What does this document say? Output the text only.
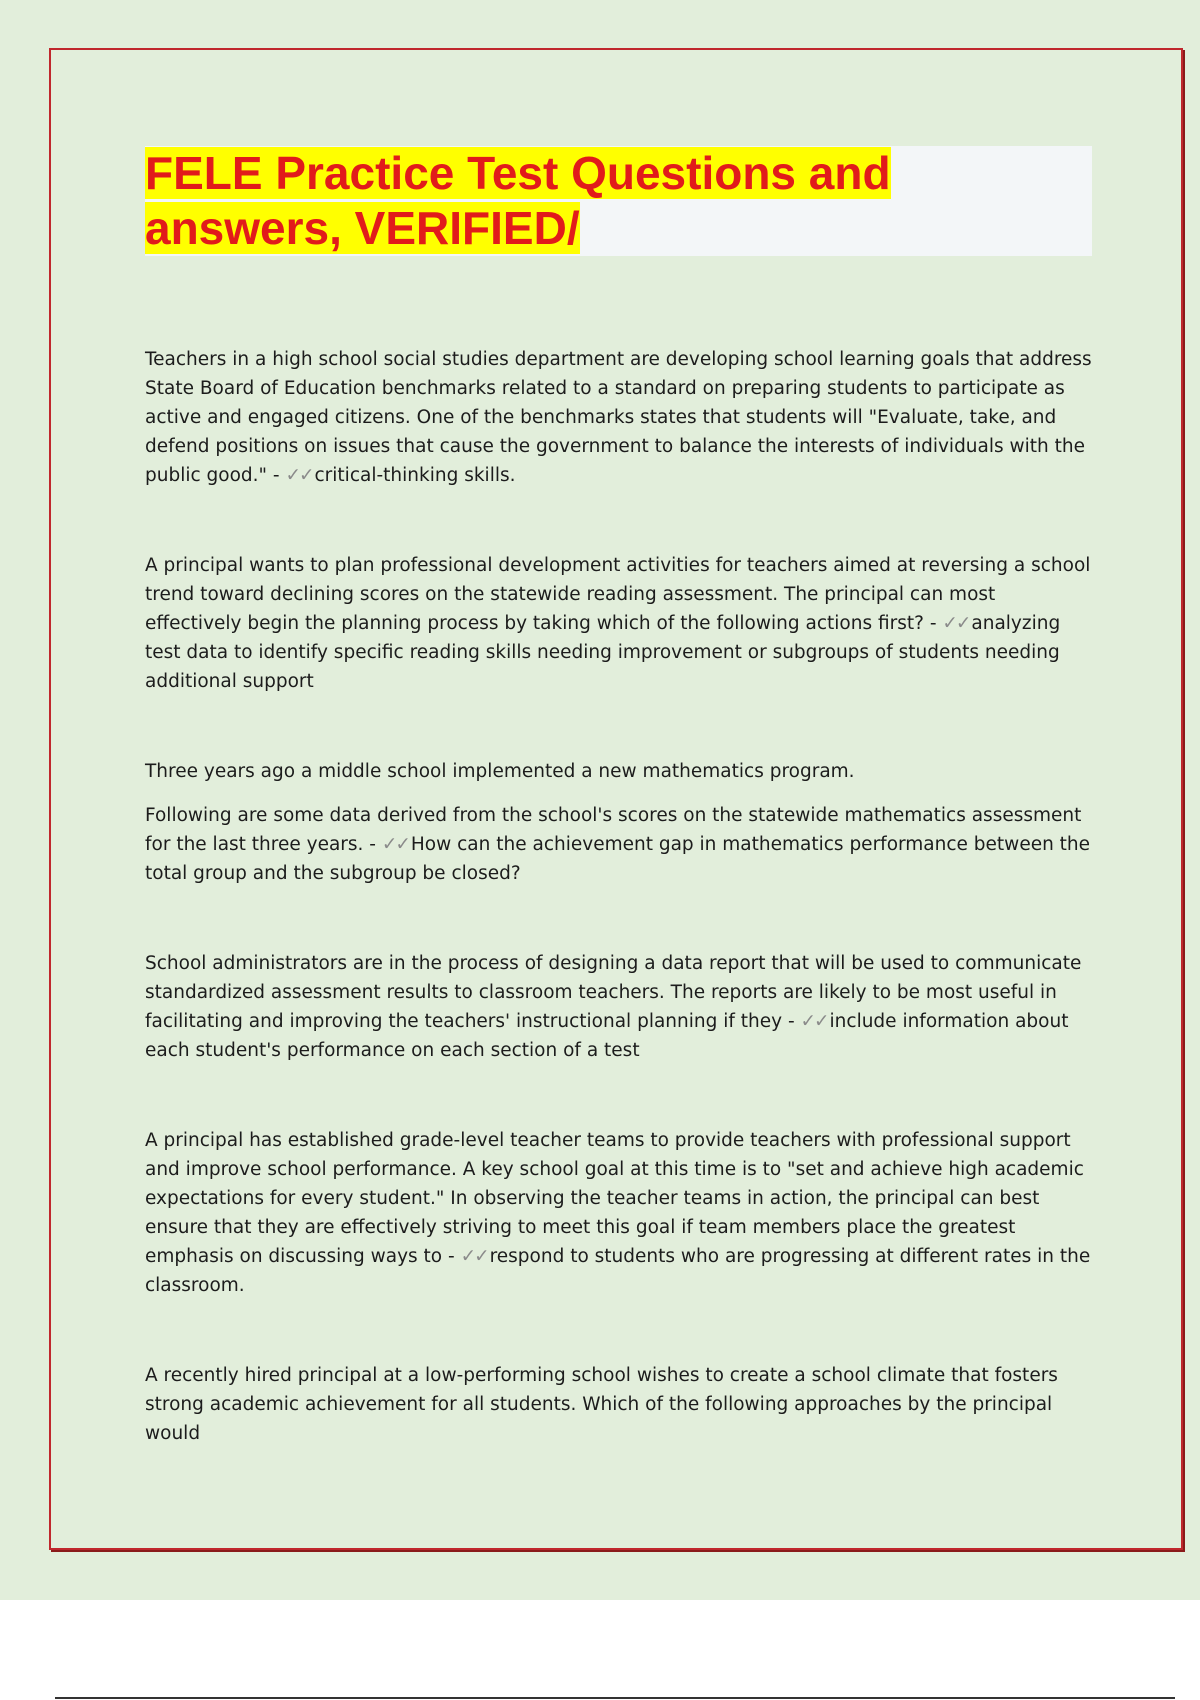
FELE Practice Test Questions and
answers, VERIFIED/

Teachers in a high school social studies department are developing school learning goals that address State Board of Education benchmarks related to a standard on preparing students to participate as active and engaged citizens. One of the benchmarks states that students will "Evaluate, take, and defend positions on issues that cause the government to balance the interests of individuals with the public good." - ✓✓ critical-thinking skills.

A principal wants to plan professional development activities for teachers aimed at reversing a school trend toward declining scores on the statewide reading assessment. The principal can most effectively begin the planning process by taking which of the following actions first? - ✓✓ analyzing test data to identify specific reading skills needing improvement or subgroups of students needing additional support

Three years ago a middle school implemented a new mathematics program.

Following are some data derived from the school's scores on the statewide mathematics assessment for the last three years. - ✓✓ How can the achievement gap in mathematics performance between the total group and the subgroup be closed?

School administrators are in the process of designing a data report that will be used to communicate standardized assessment results to classroom teachers. The reports are likely to be most useful in facilitating and improving the teachers' instructional planning if they - ✓✓ include information about each student's performance on each section of a test

A principal has established grade-level teacher teams to provide teachers with professional support and improve school performance. A key school goal at this time is to "set and achieve high academic expectations for every student." In observing the teacher teams in action, the principal can best ensure that they are effectively striving to meet this goal if team members place the greatest emphasis on discussing ways to - ✓✓ respond to students who are progressing at different rates in the classroom.

A recently hired principal at a low-performing school wishes to create a school climate that fosters strong academic achievement for all students. Which of the following approaches by the principal would
